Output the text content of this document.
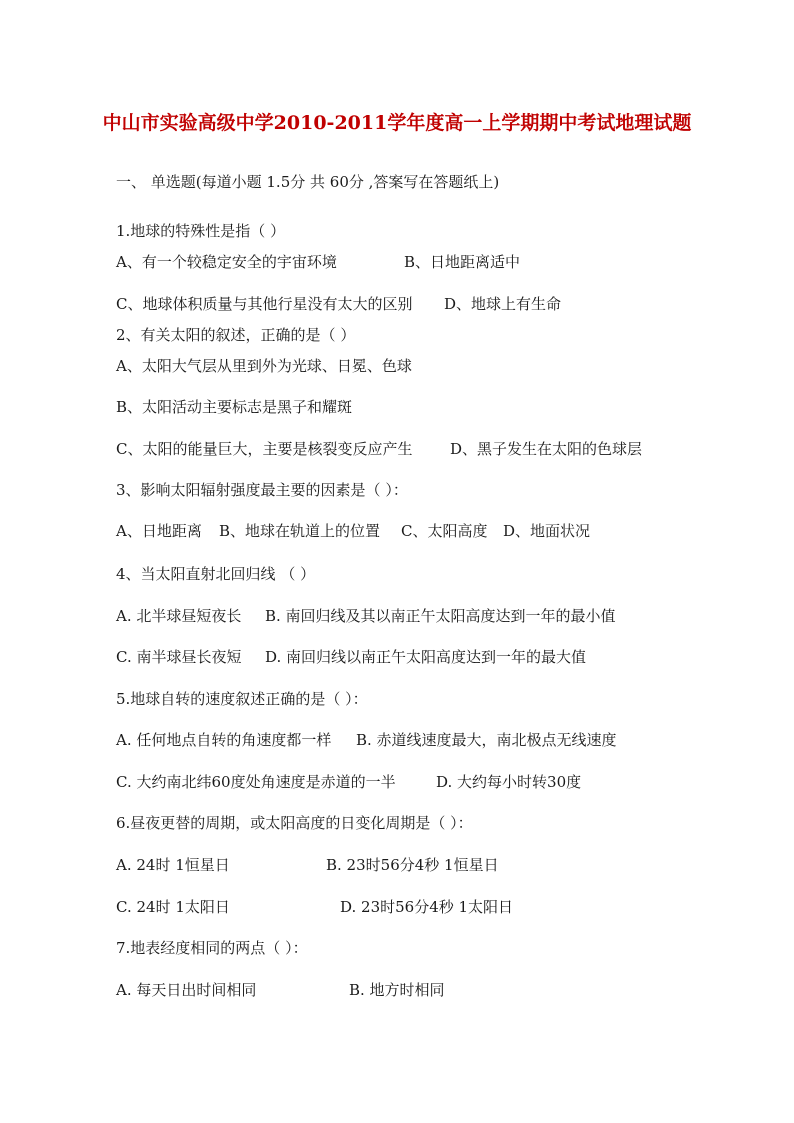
中山市实验高级中学2010-2011学年度高一上学期期中考试地理试题
一、 单选题(每道小题 1.5分 共 60分 ,答案写在答题纸上)
1.地球的特殊性是指（ ）
A、有一个较稳定安全的宇宙环境	B、日地距离适中
C、地球体积质量与其他行星没有太大的区别 D、地球上有生命
2、有关太阳的叙述，正确的是（ ）
A、太阳大气层从里到外为光球、日冕、色球
B、太阳活动主要标志是黑子和耀斑
C、太阳的能量巨大，主要是核裂变反应产生	D、黑子发生在太阳的色球层
3、影响太阳辐射强度最主要的因素是（ ）：
A、日地距离 B、地球在轨道上的位置 C、太阳高度 D、地面状况
4、当太阳直射北回归线 （ ）
A. 北半球昼短夜长 B. 南回归线及其以南正午太阳高度达到一年的最小值
C. 南半球昼长夜短 D. 南回归线以南正午太阳高度达到一年的最大值
5.地球自转的速度叙述正确的是（ ）：
A. 任何地点自转的角速度都一样 B. 赤道线速度最大，南北极点无线速度
C. 大约南北纬60度处角速度是赤道的一半	D. 大约每小时转30度
6.昼夜更替的周期，或太阳高度的日变化周期是（ ）：
A. 24时 1恒星日	B. 23时56分4秒 1恒星日
C. 24时 1太阳日	D. 23时56分4秒 1太阳日
7.地表经度相同的两点（ ）：
A. 每天日出时间相同	B. 地方时相同
